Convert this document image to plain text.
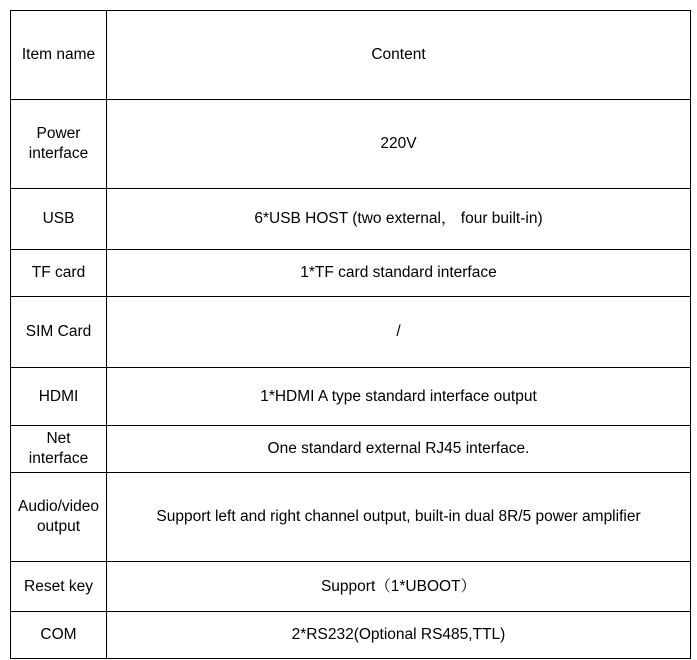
Item name	Content
Power interface	220V
USB	6*USB HOST (two external， four built-in)
TF card	1*TF card standard interface
SIM Card	/
HDMI	1*HDMI A type standard interface output
Net interface	One standard external RJ45 interface.
Audio/video output	Support left and right channel output, built-in dual 8R/5 power amplifier
Reset key	Support（1*UBOOT）
COM	2*RS232(Optional RS485,TTL)
